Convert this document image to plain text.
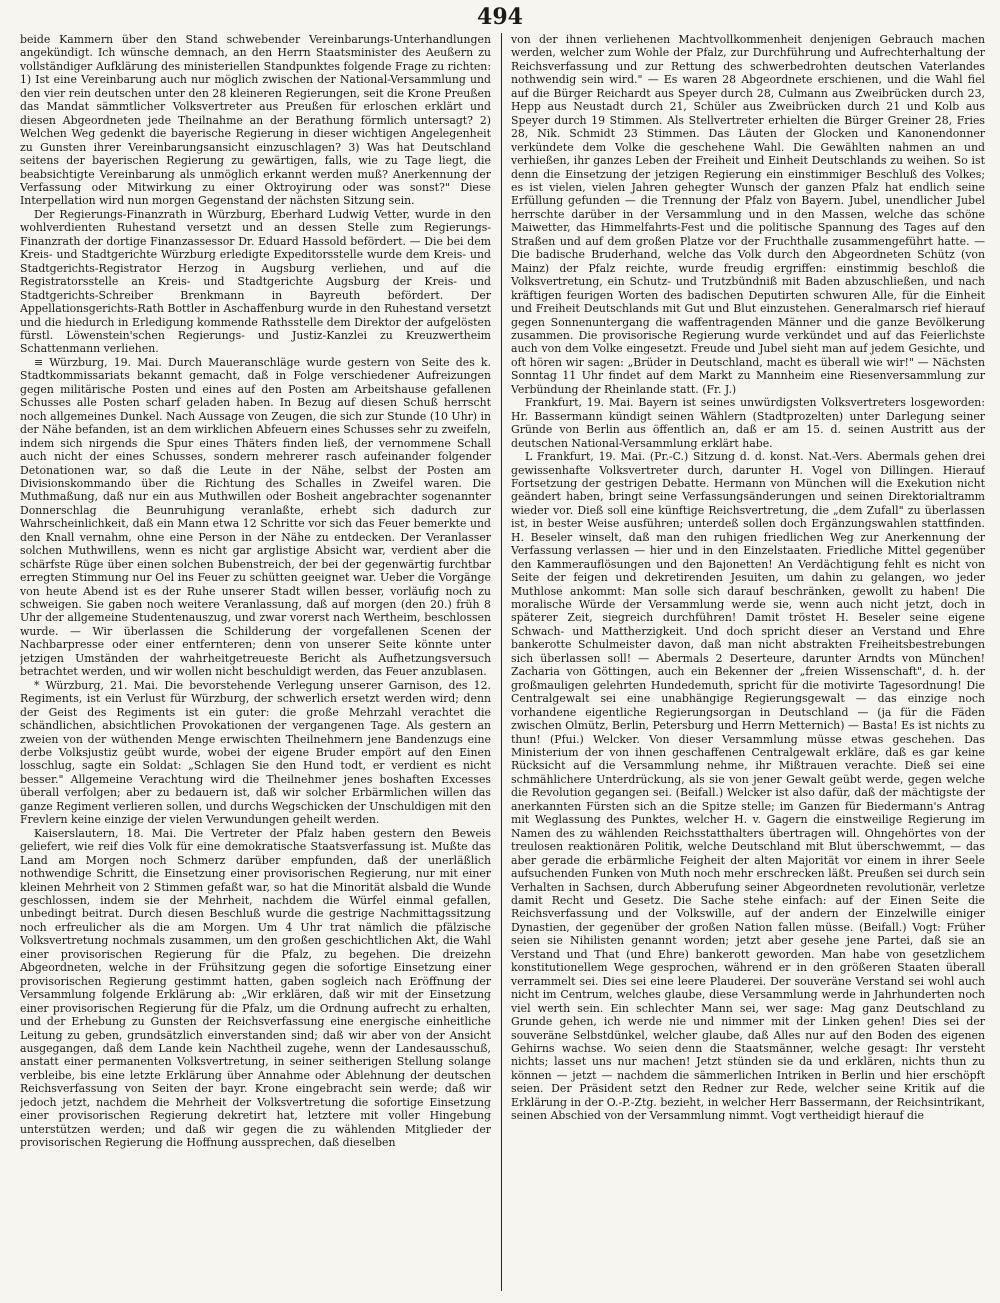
494

beide Kammern über den Stand schwebender Vereinbarungs-Unterhandlungen angekündigt. Ich wünsche demnach, an den Herrn Staatsminister des Aeußern zu vollständiger Aufklärung des ministeriellen Standpunktes folgende Frage zu richten: 1) Ist eine Vereinbarung auch nur möglich zwischen der National-Versammlung und den vier rein deutschen unter den 28 kleineren Regierungen, seit die Krone Preußen das Mandat sämmtlicher Volksvertreter aus Preußen für erloschen erklärt und diesen Abgeordneten jede Theilnahme an der Berathung förmlich untersagt? 2) Welchen Weg gedenkt die bayerische Regierung in dieser wichtigen Angelegenheit zu Gunsten ihrer Vereinbarungsansicht einzuschlagen? 3) Was hat Deutschland seitens der bayerischen Regierung zu gewärtigen, falls, wie zu Tage liegt, die beabsichtigte Vereinbarung als unmöglich erkannt werden muß? Anerkennung der Verfassung oder Mitwirkung zu einer Oktroyirung oder was sonst?" Diese Interpellation wird nun morgen Gegenstand der nächsten Sitzung sein.

Der Regierungs-Finanzrath in Würzburg, Eberhard Ludwig Vetter, wurde in den wohlverdienten Ruhestand versetzt und an dessen Stelle zum Regierungs-Finanzrath der dortige Finanzassessor Dr. Eduard Hassold befördert. — Die bei dem Kreis- und Stadtgerichte Würzburg erledigte Expeditorsstelle wurde dem Kreis- und Stadtgerichts-Registrator Herzog in Augsburg verliehen, und auf die Registratorsstelle an Kreis- und Stadtgerichte Augsburg der Kreis- und Stadtgerichts-Schreiber Brenkmann in Bayreuth befördert. Der Appellationsgerichts-Rath Bottler in Aschaffenburg wurde in den Ruhestand versetzt und die hiedurch in Erledigung kommende Rathsstelle dem Direktor der aufgelösten fürstl. Löwenstein'schen Regierungs- und Justiz-Kanzlei zu Kreuzwertheim Schattenmann verliehen.

≡ Würzburg, 19. Mai. Durch Maueranschläge wurde gestern von Seite des k. Stadtkommissariats bekannt gemacht, daß in Folge verschiedener Aufreizungen gegen militärische Posten und eines auf den Posten am Arbeitshause gefallenen Schusses alle Posten scharf geladen haben. In Bezug auf diesen Schuß herrscht noch allgemeines Dunkel. Nach Aussage von Zeugen, die sich zur Stunde (10 Uhr) in der Nähe befanden, ist an dem wirklichen Abfeuern eines Schusses sehr zu zweifeln, indem sich nirgends die Spur eines Thäters finden ließ, der vernommene Schall auch nicht der eines Schusses, sondern mehrerer rasch aufeinander folgender Detonationen war, so daß die Leute in der Nähe, selbst der Posten am Divisionskommando über die Richtung des Schalles in Zweifel waren. Die Muthmaßung, daß nur ein aus Muthwillen oder Bosheit angebrachter sogenannter Donnerschlag die Beunruhigung veranlaßte, erhebt sich dadurch zur Wahrscheinlichkeit, daß ein Mann etwa 12 Schritte vor sich das Feuer bemerkte und den Knall vernahm, ohne eine Person in der Nähe zu entdecken. Der Veranlasser solchen Muthwillens, wenn es nicht gar arglistige Absicht war, verdient aber die schärfste Rüge über einen solchen Bubenstreich, der bei der gegenwärtig furchtbar erregten Stimmung nur Oel ins Feuer zu schütten geeignet war. Ueber die Vorgänge von heute Abend ist es der Ruhe unserer Stadt willen besser, vorläufig noch zu schweigen. Sie gaben noch weitere Veranlassung, daß auf morgen (den 20.) früh 8 Uhr der allgemeine Studentenauszug, und zwar vorerst nach Wertheim, beschlossen wurde. — Wir überlassen die Schilderung der vorgefallenen Scenen der Nachbarpresse oder einer entfernteren; denn von unserer Seite könnte unter jetzigen Umständen der wahrheitgetreueste Bericht als Aufhetzungsversuch betrachtet werden, und wir wollen nicht beschuldigt werden, das Feuer anzublasen.

* Würzburg, 21. Mai. Die bevorstehende Verlegung unserer Garnison, des 12. Regiments, ist ein Verlust für Würzburg, der schwerlich ersetzt werden wird; denn der Geist des Regiments ist ein guter: die große Mehrzahl verachtet die schändlichen, absichtlichen Provokationen der vergangenen Tage. Als gestern an zweien von der wüthenden Menge erwischten Theilnehmern jene Bandenzugs eine derbe Volksjustiz geübt wurde, wobei der eigene Bruder empört auf den Einen losschlug, sagte ein Soldat: „Schlagen Sie den Hund todt, er verdient es nicht besser." Allgemeine Verachtung wird die Theilnehmer jenes boshaften Excesses überall verfolgen; aber zu bedauern ist, daß wir solcher Erbärmlichen willen das ganze Regiment verlieren sollen, und durchs Wegschicken der Unschuldigen mit den Frevlern keine einzige der vielen Verwundungen geheilt werden.

Kaiserslautern, 18. Mai. Die Vertreter der Pfalz haben gestern den Beweis geliefert, wie reif dies Volk für eine demokratische Staatsverfassung ist. Mußte das Land am Morgen noch Schmerz darüber empfunden, daß der unerläßlich nothwendige Schritt, die Einsetzung einer provisorischen Regierung, nur mit einer kleinen Mehrheit von 2 Stimmen gefaßt war, so hat die Minorität alsbald die Wunde geschlossen, indem sie der Mehrheit, nachdem die Würfel einmal gefallen, unbedingt beitrat. Durch diesen Beschluß wurde die gestrige Nachmittagssitzung noch erfreulicher als die am Morgen. Um 4 Uhr trat nämlich die pfälzische Volksvertretung nochmals zusammen, um den großen geschichtlichen Akt, die Wahl einer provisorischen Regierung für die Pfalz, zu begehen. Die dreizehn Abgeordneten, welche in der Frühsitzung gegen die sofortige Einsetzung einer provisorischen Regierung gestimmt hatten, gaben sogleich nach Eröffnung der Versammlung folgende Erklärung ab: „Wir erklären, daß wir mit der Einsetzung einer provisorischen Regierung für die Pfalz, um die Ordnung aufrecht zu erhalten, und der Erhebung zu Gunsten der Reichsverfassung eine energische einheitliche Leitung zu geben, grundsätzlich einverstanden sind; daß wir aber von der Ansicht ausgegangen, daß dem Lande kein Nachtheil zugehe, wenn der Landesausschuß, anstatt einer permanenten Volksvertretung, in seiner seitherigen Stellung solange verbleibe, bis eine letzte Erklärung über Annahme oder Ablehnung der deutschen Reichsverfassung von Seiten der bayr. Krone eingebracht sein werde; daß wir jedoch jetzt, nachdem die Mehrheit der Volksvertretung die sofortige Einsetzung einer provisorischen Regierung dekretirt hat, letztere mit voller Hingebung unterstützen werden; und daß wir gegen die zu wählenden Mitglieder der provisorischen Regierung die Hoffnung aussprechen, daß dieselben

von der ihnen verliehenen Machtvollkommenheit denjenigen Gebrauch machen werden, welcher zum Wohle der Pfalz, zur Durchführung und Aufrechterhaltung der Reichsverfassung und zur Rettung des schwerbedrohten deutschen Vaterlandes nothwendig sein wird." — Es waren 28 Abgeordnete erschienen, und die Wahl fiel auf die Bürger Reichardt aus Speyer durch 28, Culmann aus Zweibrücken durch 23, Hepp aus Neustadt durch 21, Schüler aus Zweibrücken durch 21 und Kolb aus Speyer durch 19 Stimmen. Als Stellvertreter erhielten die Bürger Greiner 28, Fries 28, Nik. Schmidt 23 Stimmen. Das Läuten der Glocken und Kanonendonner verkündete dem Volke die geschehene Wahl. Die Gewählten nahmen an und verhießen, ihr ganzes Leben der Freiheit und Einheit Deutschlands zu weihen. So ist denn die Einsetzung der jetzigen Regierung ein einstimmiger Beschluß des Volkes; es ist vielen, vielen Jahren gehegter Wunsch der ganzen Pfalz hat endlich seine Erfüllung gefunden — die Trennung der Pfalz von Bayern. Jubel, unendlicher Jubel herrschte darüber in der Versammlung und in den Massen, welche das schöne Maiwetter, das Himmelfahrts-Fest und die politische Spannung des Tages auf den Straßen und auf dem großen Platze vor der Fruchthalle zusammengeführt hatte. — Die badische Bruderhand, welche das Volk durch den Abgeordneten Schütz (von Mainz) der Pfalz reichte, wurde freudig ergriffen: einstimmig beschloß die Volksvertretung, ein Schutz- und Trutzbündniß mit Baden abzuschließen, und nach kräftigen feurigen Worten des badischen Deputirten schwuren Alle, für die Einheit und Freiheit Deutschlands mit Gut und Blut einzustehen. Generalmarsch rief hierauf gegen Sonnenuntergang die waffentragenden Männer und die ganze Bevölkerung zusammen. Die provisorische Regierung wurde verkündet und auf das Feierlichste auch von dem Volke eingesetzt. Freude und Jubel sieht man auf jedem Gesichte, und oft hören wir sagen: „Brüder in Deutschland, macht es überall wie wir!" — Nächsten Sonntag 11 Uhr findet auf dem Markt zu Mannheim eine Riesenversammlung zur Verbündung der Rheinlande statt. (Fr. J.)

Frankfurt, 19. Mai. Bayern ist seines unwürdigsten Volksvertreters losgeworden: Hr. Bassermann kündigt seinen Wählern (Stadtprozelten) unter Darlegung seiner Gründe von Berlin aus öffentlich an, daß er am 15. d. seinen Austritt aus der deutschen National-Versammlung erklärt habe.

L Frankfurt, 19. Mai. (Pr.-C.) Sitzung d. d. konst. Nat.-Vers. Abermals gehen drei gewissenhafte Volksvertreter durch, darunter H. Vogel von Dillingen. Hierauf Fortsetzung der gestrigen Debatte. Hermann von München will die Exekution nicht geändert haben, bringt seine Verfassungsänderungen und seinen Direktorialtramm wieder vor. Dieß soll eine künftige Reichsvertretung, die „dem Zufall" zu überlassen ist, in bester Weise ausführen; unterdeß sollen doch Ergänzungswahlen stattfinden. H. Beseler winselt, daß man den ruhigen friedlichen Weg zur Anerkennung der Verfassung verlassen — hier und in den Einzelstaaten. Friedliche Mittel gegenüber den Kammerauflösungen und den Bajonetten! An Verdächtigung fehlt es nicht von Seite der feigen und dekretirenden Jesuiten, um dahin zu gelangen, wo jeder Muthlose ankommt: Man solle sich darauf beschränken, gewollt zu haben! Die moralische Würde der Versammlung werde sie, wenn auch nicht jetzt, doch in späterer Zeit, siegreich durchführen! Damit tröstet H. Beseler seine eigene Schwach- und Mattherzigkeit. Und doch spricht dieser an Verstand und Ehre bankerotte Schulmeister davon, daß man nicht abstrakten Freiheitsbestrebungen sich überlassen soll! — Abermals 2 Deserteure, darunter Arndts von München! Zacharia von Göttingen, auch ein Bekenner der „freien Wissenschaft", d. h. der großmauligen gelehrten Hundedemuth, spricht für die motivirte Tagesordnung! Die Centralgewalt sei eine unabhängige Regierungsgewalt — das einzige noch vorhandene eigentliche Regierungsorgan in Deutschland — (ja für die Fäden zwischen Olmütz, Berlin, Petersburg und Herrn Metternich) — Basta! Es ist nichts zu thun! (Pfui.) Welcker. Von dieser Versammlung müsse etwas geschehen. Das Ministerium der von ihnen geschaffenen Centralgewalt erkläre, daß es gar keine Rücksicht auf die Versammlung nehme, ihr Mißtrauen verachte. Dieß sei eine schmählichere Unterdrückung, als sie von jener Gewalt geübt werde, gegen welche die Revolution gegangen sei. (Beifall.) Welcker ist also dafür, daß der mächtigste der anerkannten Fürsten sich an die Spitze stelle; im Ganzen für Biedermann's Antrag mit Weglassung des Punktes, welcher H. v. Gagern die einstweilige Regierung im Namen des zu wählenden Reichsstatthalters übertragen will. Ohngehörtes von der treulosen reaktionären Politik, welche Deutschland mit Blut überschwemmt, — das aber gerade die erbärmliche Feigheit der alten Majorität vor einem in ihrer Seele aufsuchenden Funken von Muth noch mehr erschrecken läßt. Preußen sei durch sein Verhalten in Sachsen, durch Abberufung seiner Abgeordneten revolutionär, verletze damit Recht und Gesetz. Die Sache stehe einfach: auf der Einen Seite die Reichsverfassung und der Volkswille, auf der andern der Einzelwille einiger Dynastien, der gegenüber der großen Nation fallen müsse. (Beifall.) Vogt: Früher seien sie Nihilisten genannt worden; jetzt aber gesehe jene Partei, daß sie an Verstand und That (und Ehre) bankerott geworden. Man habe von gesetzlichem konstitutionellem Wege gesprochen, während er in den größeren Staaten überall verrammelt sei. Dies sei eine leere Plauderei. Der souveräne Verstand sei wohl auch nicht im Centrum, welches glaube, diese Versammlung werde in Jahrhunderten noch viel werth sein. Ein schlechter Mann sei, wer sage: Mag ganz Deutschland zu Grunde gehen, ich werde nie und nimmer mit der Linken gehen! Dies sei der souveräne Selbstdünkel, welcher glaube, daß Alles nur auf den Boden des eigenen Gehirns wachse. Wo seien denn die Staatsmänner, welche gesagt: Ihr versteht nichts; lasset uns nur machen! Jetzt stünden sie da und erklären, nichts thun zu können — jetzt — nachdem die sämmerlichen Intriken in Berlin und hier erschöpft seien. Der Präsident setzt den Redner zur Rede, welcher seine Kritik auf die Erklärung in der O.-P.-Ztg. bezieht, in welcher Herr Bassermann, der Reichsintrikant, seinen Abschied von der Versammlung nimmt. Vogt vertheidigt hierauf die
